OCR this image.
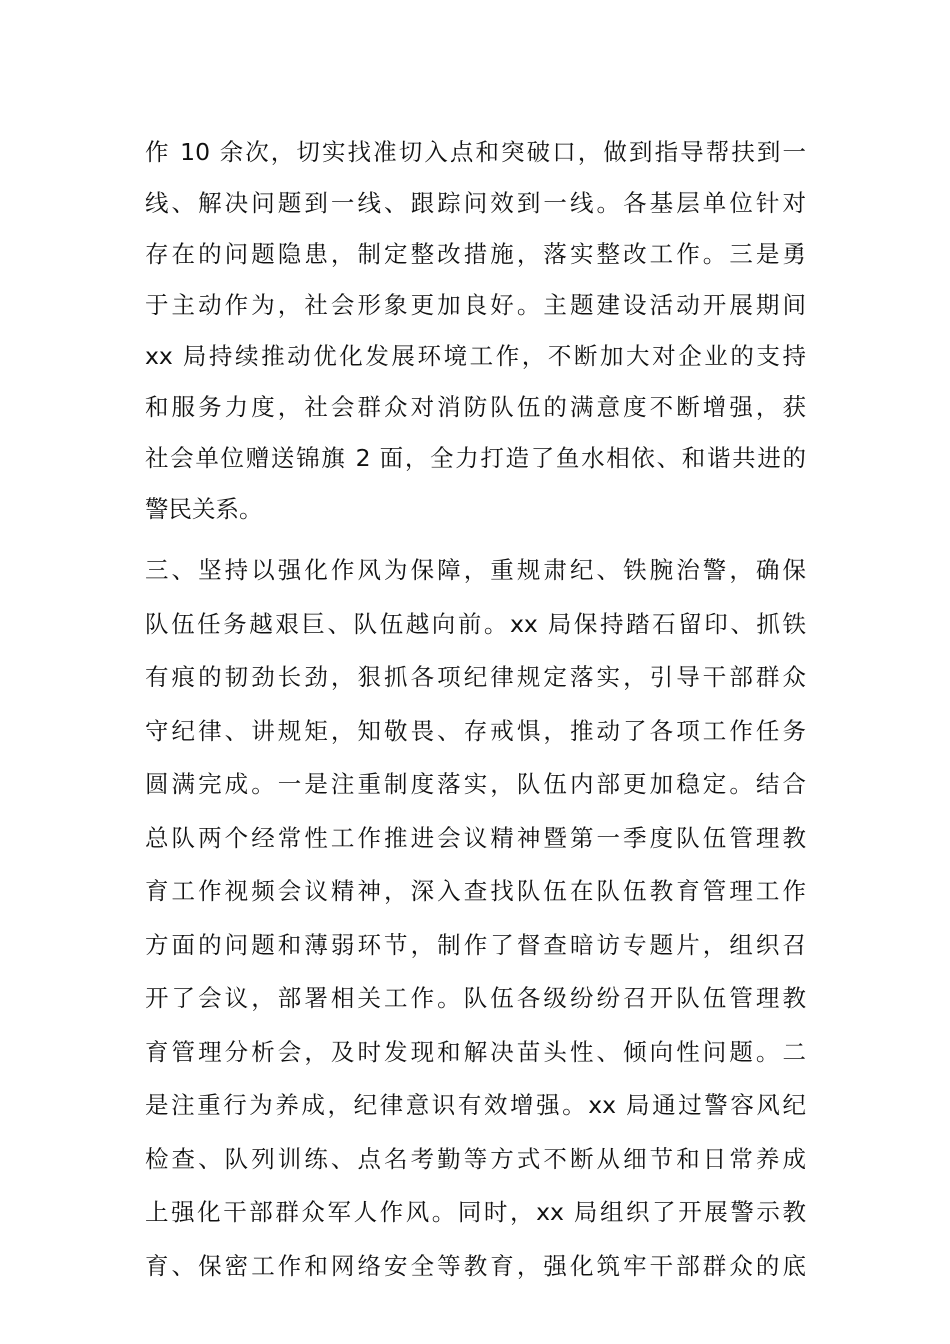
作 10 余次，切实找准切入点和突破口，做到指导帮扶到一
线、解决问题到一线、跟踪问效到一线。各基层单位针对
存在的问题隐患，制定整改措施，落实整改工作。三是勇
于主动作为，社会形象更加良好。主题建设活动开展期间
xx 局持续推动优化发展环境工作，不断加大对企业的支持
和服务力度，社会群众对消防队伍的满意度不断增强，获
社会单位赠送锦旗 2 面，全力打造了鱼水相依、和谐共进的
警民关系。
三、坚持以强化作风为保障，重规肃纪、铁腕治警，确保
队伍任务越艰巨、队伍越向前。xx 局保持踏石留印、抓铁
有痕的韧劲长劲，狠抓各项纪律规定落实，引导干部群众
守纪律、讲规矩，知敬畏、存戒惧，推动了各项工作任务
圆满完成。一是注重制度落实，队伍内部更加稳定。结合
总队两个经常性工作推进会议精神暨第一季度队伍管理教
育工作视频会议精神，深入查找队伍在队伍教育管理工作
方面的问题和薄弱环节，制作了督查暗访专题片，组织召
开了会议，部署相关工作。队伍各级纷纷召开队伍管理教
育管理分析会，及时发现和解决苗头性、倾向性问题。二
是注重行为养成，纪律意识有效增强。xx 局通过警容风纪
检查、队列训练、点名考勤等方式不断从细节和日常养成
上强化干部群众军人作风。同时，xx 局组织了开展警示教
育、保密工作和网络安全等教育，强化筑牢干部群众的底
